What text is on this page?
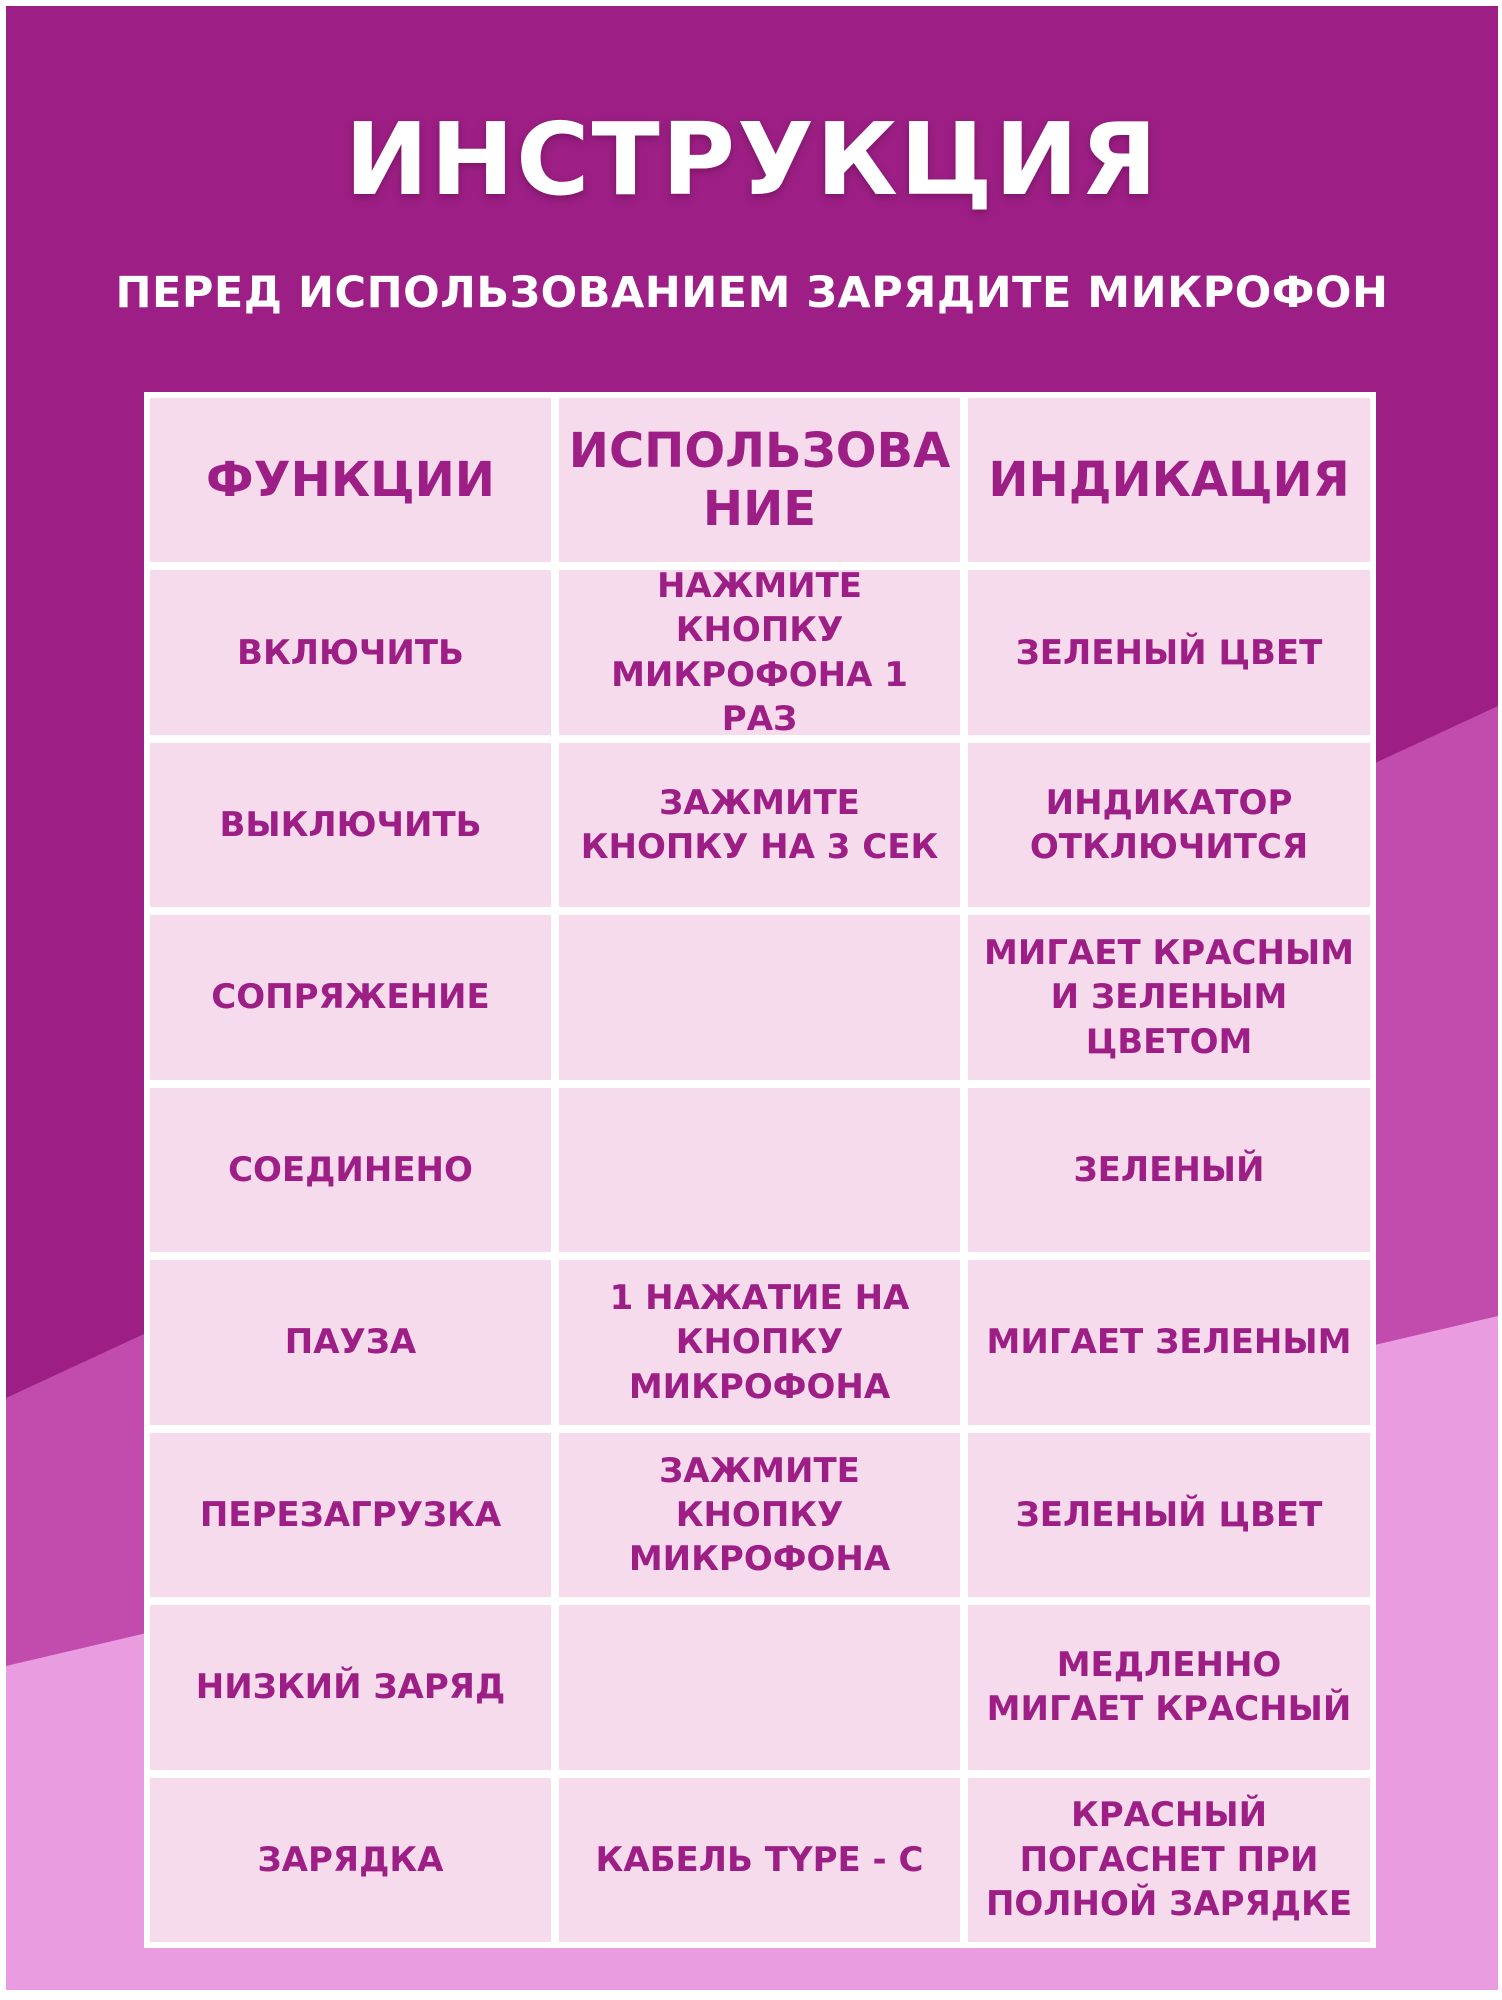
ИНСТРУКЦИЯ
ПЕРЕД ИСПОЛЬЗОВАНИЕМ ЗАРЯДИТЕ МИКРОФОН
ФУНКЦИИ
ИСПОЛЬЗОВА НИЕ
ИНДИКАЦИЯ
ВКЛЮЧИТЬ
НАЖМИТЕ КНОПКУ МИКРОФОНА 1 РАЗ
ЗЕЛЕНЫЙ ЦВЕТ
ВЫКЛЮЧИТЬ
ЗАЖМИТЕ КНОПКУ НА 3 СЕК
ИНДИКАТОР ОТКЛЮЧИТСЯ
СОПРЯЖЕНИЕ
МИГАЕТ КРАСНЫМ И ЗЕЛЕНЫМ ЦВЕТОМ
СОЕДИНЕНО	ЗЕЛЕНЫЙ
ПАУЗА
1 НАЖАТИЕ НА КНОПКУ МИКРОФОНА
МИГАЕТ ЗЕЛЕНЫМ
ПЕРЕЗАГРУЗКА
ЗАЖМИТЕ КНОПКУ МИКРОФОНА
ЗЕЛЕНЫЙ ЦВЕТ
НИЗКИЙ ЗАРЯД
МЕДЛЕННО МИГАЕТ КРАСНЫЙ
ЗАРЯДКА	КАБЕЛЬ TYPE - C
КРАСНЫЙ ПОГАСНЕТ ПРИ ПОЛНОЙ ЗАРЯДКЕ
